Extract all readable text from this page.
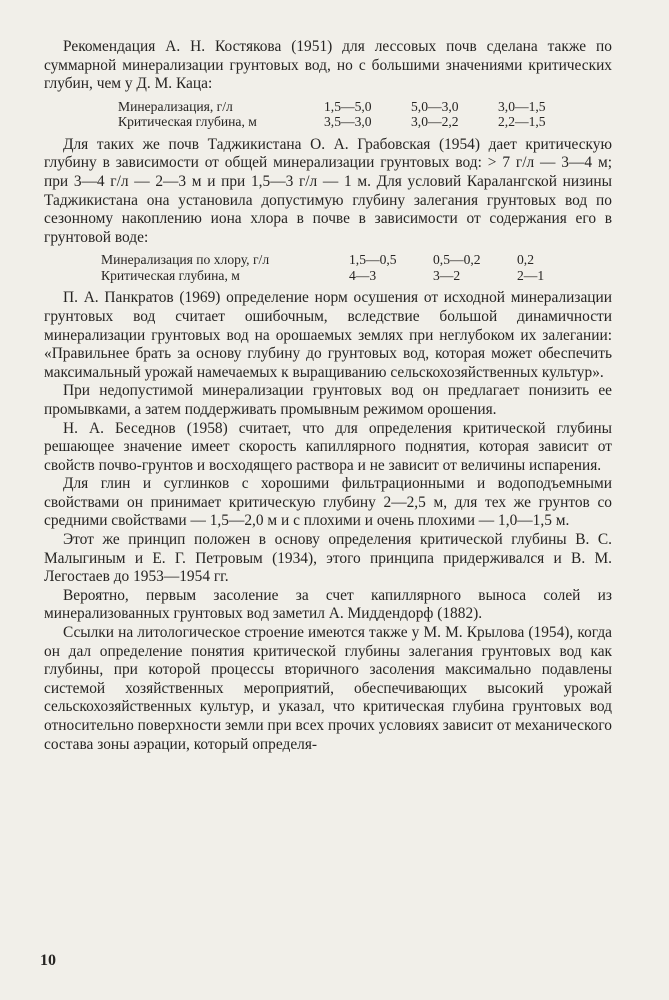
Рекомендация А. Н. Костякова (1951) для лессовых почв сделана также по суммарной минерализации грунтовых вод, но с большими значениями критических глубин, чем у Д. М. Каца:

Минерализация, г/л	1,5—5,0	5,0—3,0	3,0—1,5
Критическая глубина, м	3,5—3,0	3,0—2,2	2,2—1,5

Для таких же почв Таджикистана О. А. Грабовская (1954) дает критическую глубину в зависимости от общей минерализации грунтовых вод: > 7 г/л — 3—4 м; при 3—4 г/л — 2—3 м и при 1,5—3 г/л — 1 м. Для условий Каралангской низины Таджикистана она установила допустимую глубину залегания грунтовых вод по сезонному накоплению иона хлора в почве в зависимости от содержания его в грунтовой воде:

Минерализация по хлору, г/л	1,5—0,5	0,5—0,2	0,2
Критическая глубина, м	4—3	3—2	2—1

П. А. Панкратов (1969) определение норм осушения от исходной минерализации грунтовых вод считает ошибочным, вследствие большой динамичности минерализации грунтовых вод на орошаемых землях при неглубоком их залегании: «Правильнее брать за основу глубину до грунтовых вод, которая может обеспечить максимальный урожай намечаемых к выращиванию сельскохозяйственных культур».

При недопустимой минерализации грунтовых вод он предлагает понизить ее промывками, а затем поддерживать промывным режимом орошения.

Н. А. Беседнов (1958) считает, что для определения критической глубины решающее значение имеет скорость капиллярного поднятия, которая зависит от свойств почво-грунтов и восходящего раствора и не зависит от величины испарения.

Для глин и суглинков с хорошими фильтрационными и водоподъемными свойствами он принимает критическую глубину 2—2,5 м, для тех же грунтов со средними свойствами — 1,5—2,0 м и с плохими и очень плохими — 1,0—1,5 м.

Этот же принцип положен в основу определения критической глубины В. С. Малыгиным и Е. Г. Петровым (1934), этого принципа придерживался и В. М. Легостаев до 1953—1954 гг.

Вероятно, первым засоление за счет капиллярного выноса солей из минерализованных грунтовых вод заметил А. Миддендорф (1882).

Ссылки на литологическое строение имеются также у М. М. Крылова (1954), когда он дал определение понятия критической глубины залегания грунтовых вод как глубины, при которой процессы вторичного засоления максимально подавлены системой хозяйственных мероприятий, обеспечивающих высокий урожай сельскохозяйственных культур, и указал, что критическая глубина грунтовых вод относительно поверхности земли при всех прочих условиях зависит от механического состава зоны аэрации, который определя-

10
